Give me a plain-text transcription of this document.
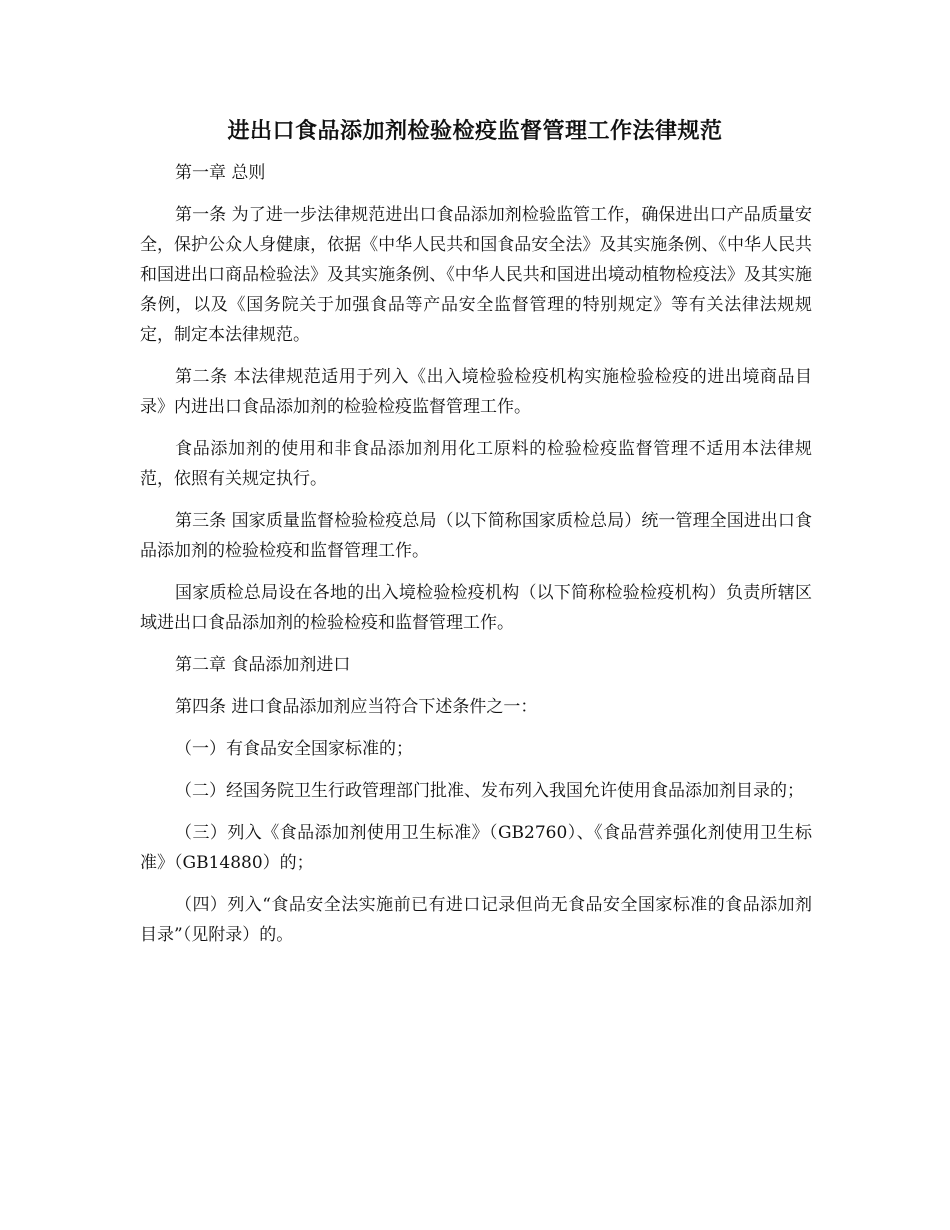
进出口食品添加剂检验检疫监督管理工作法律规范

第一章 总则

第一条 为了进一步法律规范进出口食品添加剂检验监管工作，确保进出口产品质量安全，保护公众人身健康，依据《中华人民共和国食品安全法》及其实施条例、《中华人民共和国进出口商品检验法》及其实施条例、《中华人民共和国进出境动植物检疫法》及其实施条例，以及《国务院关于加强食品等产品安全监督管理的特别规定》等有关法律法规规定，制定本法律规范。

第二条 本法律规范适用于列入《出入境检验检疫机构实施检验检疫的进出境商品目录》内进出口食品添加剂的检验检疫监督管理工作。

食品添加剂的使用和非食品添加剂用化工原料的检验检疫监督管理不适用本法律规范，依照有关规定执行。

第三条 国家质量监督检验检疫总局（以下简称国家质检总局）统一管理全国进出口食品添加剂的检验检疫和监督管理工作。

国家质检总局设在各地的出入境检验检疫机构（以下简称检验检疫机构）负责所辖区域进出口食品添加剂的检验检疫和监督管理工作。

第二章 食品添加剂进口

第四条 进口食品添加剂应当符合下述条件之一：

（一）有食品安全国家标准的；

（二）经国务院卫生行政管理部门批准、发布列入我国允许使用食品添加剂目录的；

（三）列入《食品添加剂使用卫生标准》（GB2760）、《食品营养强化剂使用卫生标准》（GB14880）的；

（四）列入“食品安全法实施前已有进口记录但尚无食品安全国家标准的食品添加剂目录”（见附录）的。
